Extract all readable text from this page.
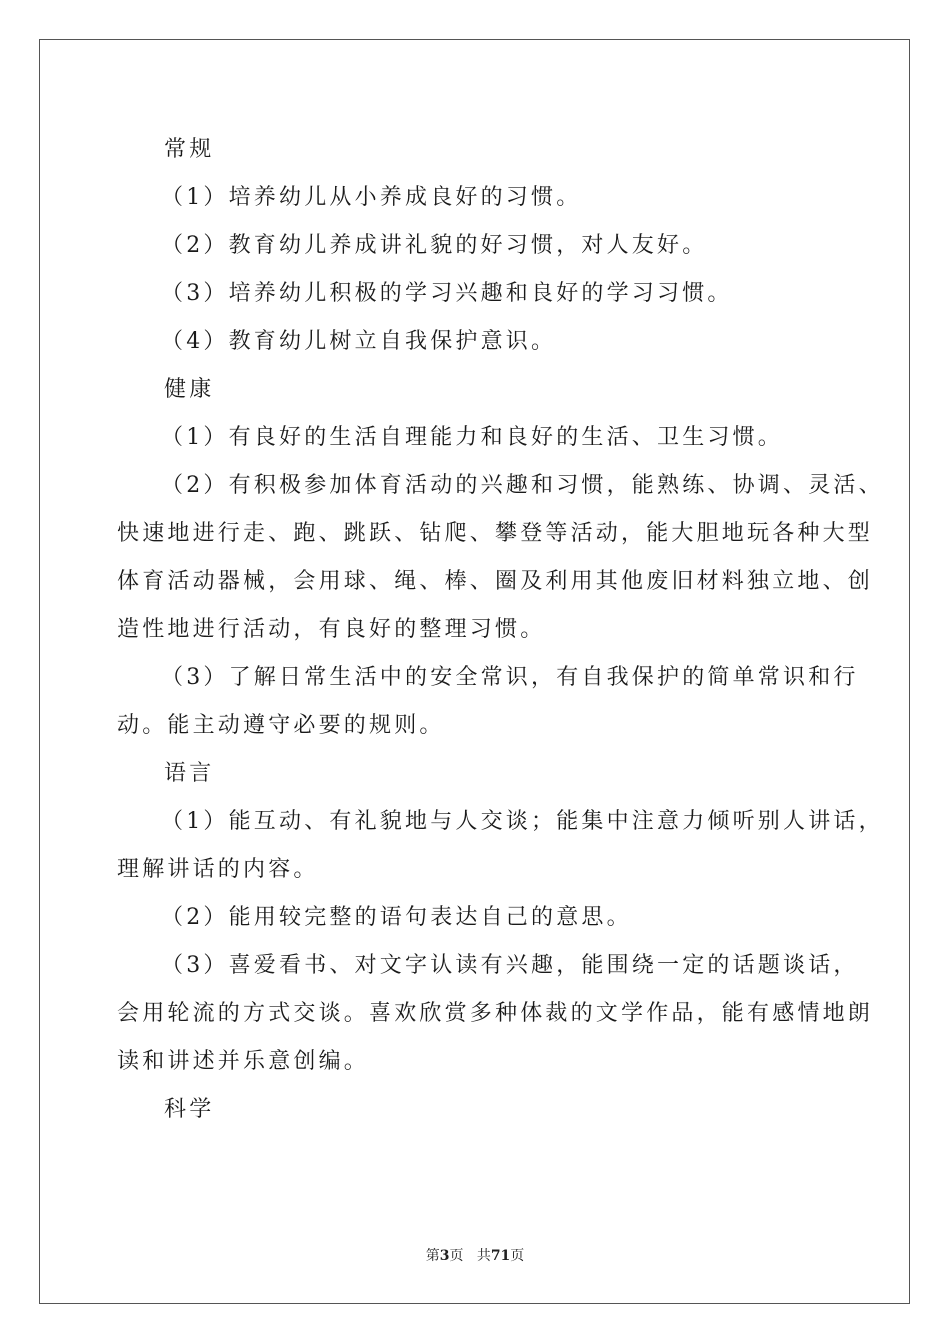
常规
（1）培养幼儿从小养成良好的习惯。
（2）教育幼儿养成讲礼貌的好习惯，对人友好。
（3）培养幼儿积极的学习兴趣和良好的学习习惯。
（4）教育幼儿树立自我保护意识。
健康
（1）有良好的生活自理能力和良好的生活、卫生习惯。
（2）有积极参加体育活动的兴趣和习惯，能熟练、协调、灵活、
快速地进行走、跑、跳跃、钻爬、攀登等活动，能大胆地玩各种大型
体育活动器械，会用球、绳、棒、圈及利用其他废旧材料独立地、创
造性地进行活动，有良好的整理习惯。
（3）了解日常生活中的安全常识，有自我保护的简单常识和行
动。能主动遵守必要的规则。
语言
（1）能互动、有礼貌地与人交谈；能集中注意力倾听别人讲话，
理解讲话的内容。
（2）能用较完整的语句表达自己的意思。
（3）喜爱看书、对文字认读有兴趣，能围绕一定的话题谈话，
会用轮流的方式交谈。喜欢欣赏多种体裁的文学作品，能有感情地朗
读和讲述并乐意创编。
科学
第3页 共71页
